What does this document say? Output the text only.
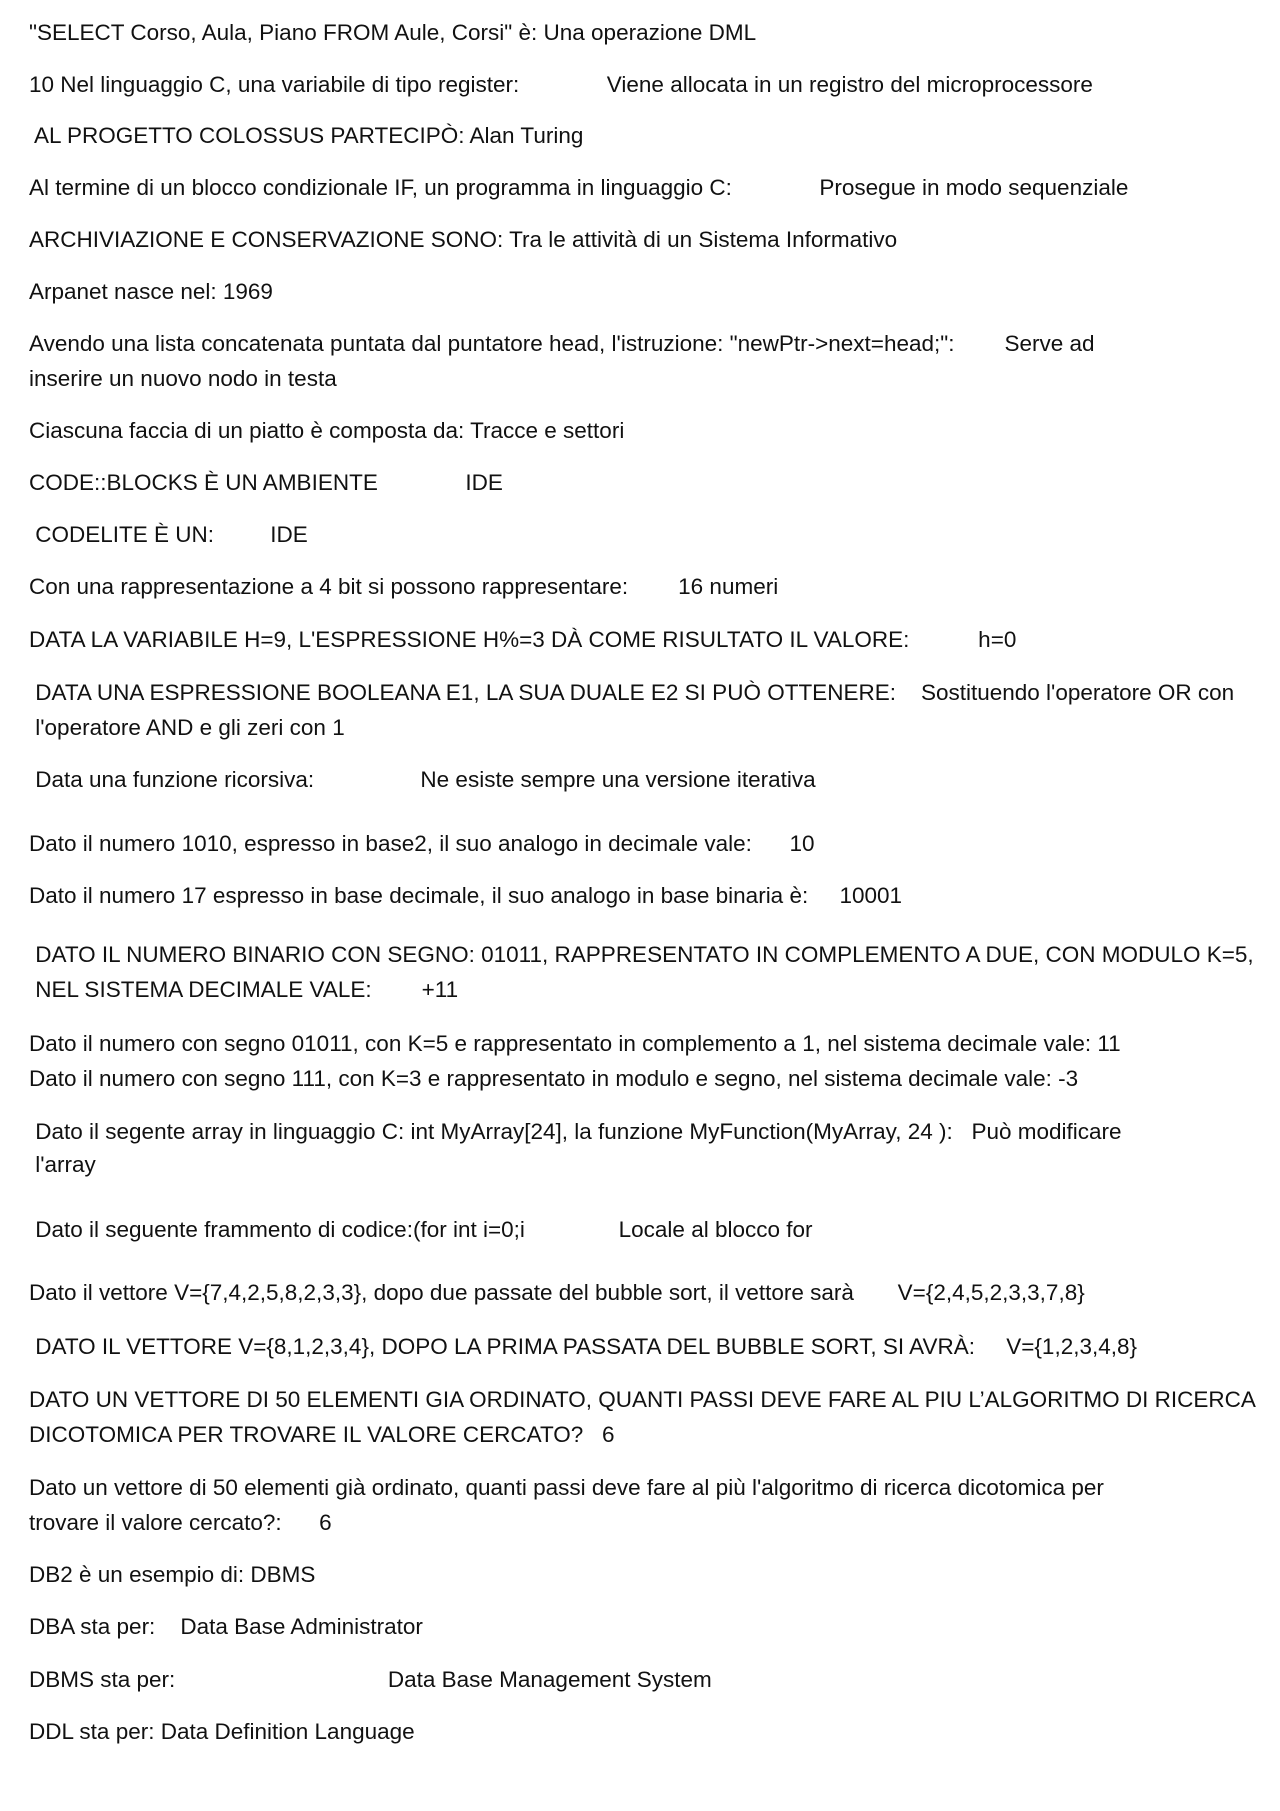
"SELECT Corso, Aula, Piano FROM Aule, Corsi" è: Una operazione DML
10 Nel linguaggio C, una variabile di tipo register:              Viene allocata in un registro del microprocessore
AL PROGETTO COLOSSUS PARTECIPÒ: Alan Turing
Al termine di un blocco condizionale IF, un programma in linguaggio C:              Prosegue in modo sequenziale
ARCHIVIAZIONE E CONSERVAZIONE SONO: Tra le attività di un Sistema Informativo
Arpanet nasce nel: 1969
Avendo una lista concatenata puntata dal puntatore head, l'istruzione: "newPtr->next=head;":        Serve ad
inserire un nuovo nodo in testa
Ciascuna faccia di un piatto è composta da: Tracce e settori
CODE::BLOCKS È UN AMBIENTE              IDE
CODELITE È UN:         IDE
Con una rappresentazione a 4 bit si possono rappresentare:        16 numeri
DATA LA VARIABILE H=9, L'ESPRESSIONE H%=3 DÀ COME RISULTATO IL VALORE:           h=0
DATA UNA ESPRESSIONE BOOLEANA E1, LA SUA DUALE E2 SI PUÒ OTTENERE:    Sostituendo l'operatore OR con
l'operatore AND e gli zeri con 1
Data una funzione ricorsiva:                 Ne esiste sempre una versione iterativa
Dato il numero 1010, espresso in base2, il suo analogo in decimale vale:      10
Dato il numero 17 espresso in base decimale, il suo analogo in base binaria è:     10001
DATO IL NUMERO BINARIO CON SEGNO: 01011, RAPPRESENTATO IN COMPLEMENTO A DUE, CON MODULO K=5,
NEL SISTEMA DECIMALE VALE:        +11
Dato il numero con segno 01011, con K=5 e rappresentato in complemento a 1, nel sistema decimale vale: 11
Dato il numero con segno 111, con K=3 e rappresentato in modulo e segno, nel sistema decimale vale: -3
Dato il segente array in linguaggio C: int MyArray[24], la funzione MyFunction(MyArray, 24 ):   Può modificare
l'array
Dato il seguente frammento di codice:(for int i=0;i               Locale al blocco for
Dato il vettore V={7,4,2,5,8,2,3,3}, dopo due passate del bubble sort, il vettore sarà       V={2,4,5,2,3,3,7,8}
DATO IL VETTORE V={8,1,2,3,4}, DOPO LA PRIMA PASSATA DEL BUBBLE SORT, SI AVRÀ:     V={1,2,3,4,8}
DATO UN VETTORE DI 50 ELEMENTI GIA ORDINATO, QUANTI PASSI DEVE FARE AL PIU L’ALGORITMO DI RICERCA
DICOTOMICA PER TROVARE IL VALORE CERCATO?   6
Dato un vettore di 50 elementi già ordinato, quanti passi deve fare al più l'algoritmo di ricerca dicotomica per
trovare il valore cercato?:      6
DB2 è un esempio di: DBMS
DBA sta per:    Data Base Administrator
DBMS sta per:                                  Data Base Management System
DDL sta per: Data Definition Language
